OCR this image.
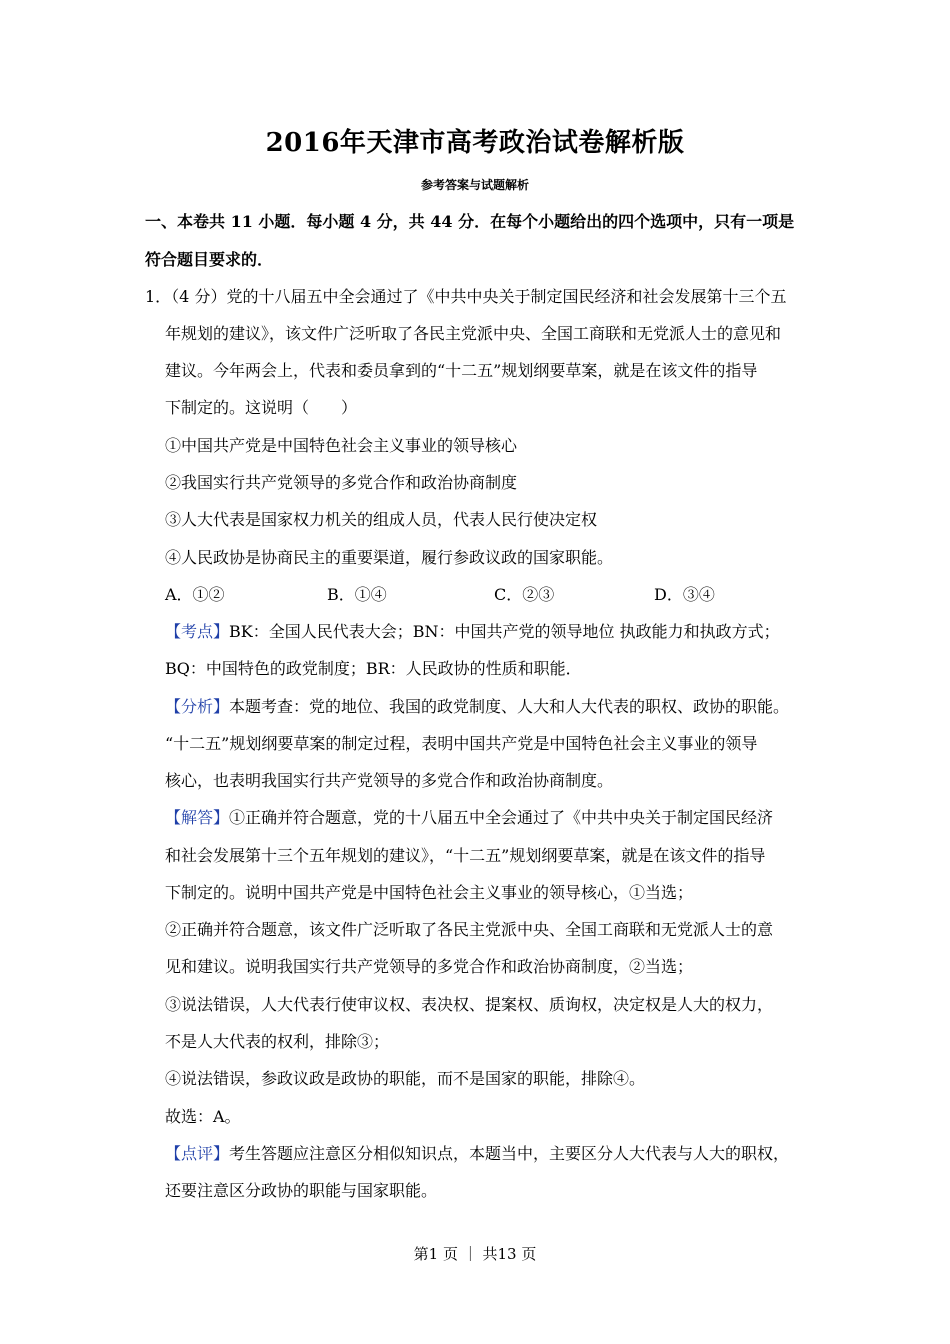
2016年天津市高考政治试卷解析版
参考答案与试题解析
一、本卷共 11 小题．每小题 4 分，共 44 分．在每个小题给出的四个选项中，只有一项是
符合题目要求的．
1．（4 分）党的十八届五中全会通过了《中共中央关于制定国民经济和社会发展第十三个五
年规划的建议》，该文件广泛听取了各民主党派中央、全国工商联和无党派人士的意见和
建议。今年两会上，代表和委员拿到的“十二五”规划纲要草案，就是在该文件的指导
下制定的。这说明（　　）
①中国共产党是中国特色社会主义事业的领导核心
②我国实行共产党领导的多党合作和政治协商制度
③人大代表是国家权力机关的组成人员，代表人民行使决定权
④人民政协是协商民主的重要渠道，履行参政议政的国家职能。
A．①②	B．①④	C．②③	D．③④
【考点】BK：全国人民代表大会；BN：中国共产党的领导地位 执政能力和执政方式；
BQ：中国特色的政党制度；BR：人民政协的性质和职能．
【分析】本题考查：党的地位、我国的政党制度、人大和人大代表的职权、政协的职能。
“十二五”规划纲要草案的制定过程，表明中国共产党是中国特色社会主义事业的领导
核心，也表明我国实行共产党领导的多党合作和政治协商制度。
【解答】①正确并符合题意，党的十八届五中全会通过了《中共中央关于制定国民经济
和社会发展第十三个五年规划的建议》，“十二五”规划纲要草案，就是在该文件的指导
下制定的。说明中国共产党是中国特色社会主义事业的领导核心，①当选；
②正确并符合题意，该文件广泛听取了各民主党派中央、全国工商联和无党派人士的意
见和建议。说明我国实行共产党领导的多党合作和政治协商制度，②当选；
③说法错误，人大代表行使审议权、表决权、提案权、质询权，决定权是人大的权力，
不是人大代表的权利，排除③；
④说法错误，参政议政是政协的职能，而不是国家的职能，排除④。
故选：A。
【点评】考生答题应注意区分相似知识点，本题当中，主要区分人大代表与人大的职权，
还要注意区分政协的职能与国家职能。
第1 页 ｜ 共13 页
